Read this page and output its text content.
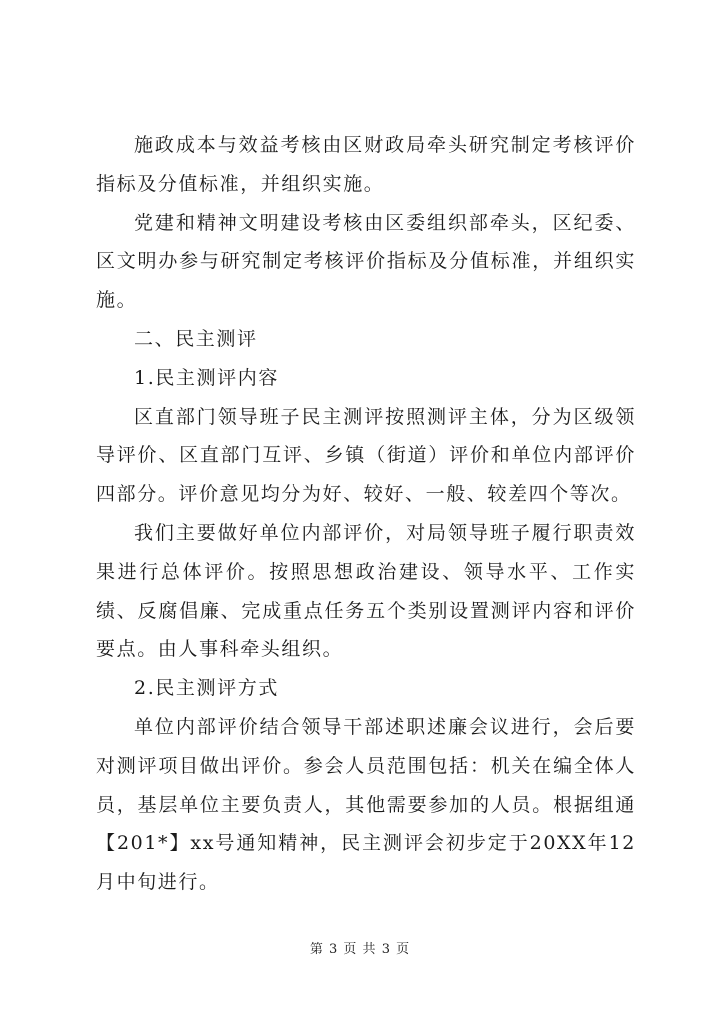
施政成本与效益考核由区财政局牵头研究制定考核评价指标及分值标准，并组织实施。

党建和精神文明建设考核由区委组织部牵头，区纪委、区文明办参与研究制定考核评价指标及分值标准，并组织实施。

二、民主测评

1.民主测评内容

区直部门领导班子民主测评按照测评主体，分为区级领导评价、区直部门互评、乡镇（街道）评价和单位内部评价四部分。评价意见均分为好、较好、一般、较差四个等次。

我们主要做好单位内部评价，对局领导班子履行职责效果进行总体评价。按照思想政治建设、领导水平、工作实绩、反腐倡廉、完成重点任务五个类别设置测评内容和评价要点。由人事科牵头组织。

2.民主测评方式

单位内部评价结合领导干部述职述廉会议进行，会后要对测评项目做出评价。参会人员范围包括：机关在编全体人员，基层单位主要负责人，其他需要参加的人员。根据组通【201*】xx号通知精神，民主测评会初步定于20XX年12月中旬进行。

第 3 页 共 3 页
